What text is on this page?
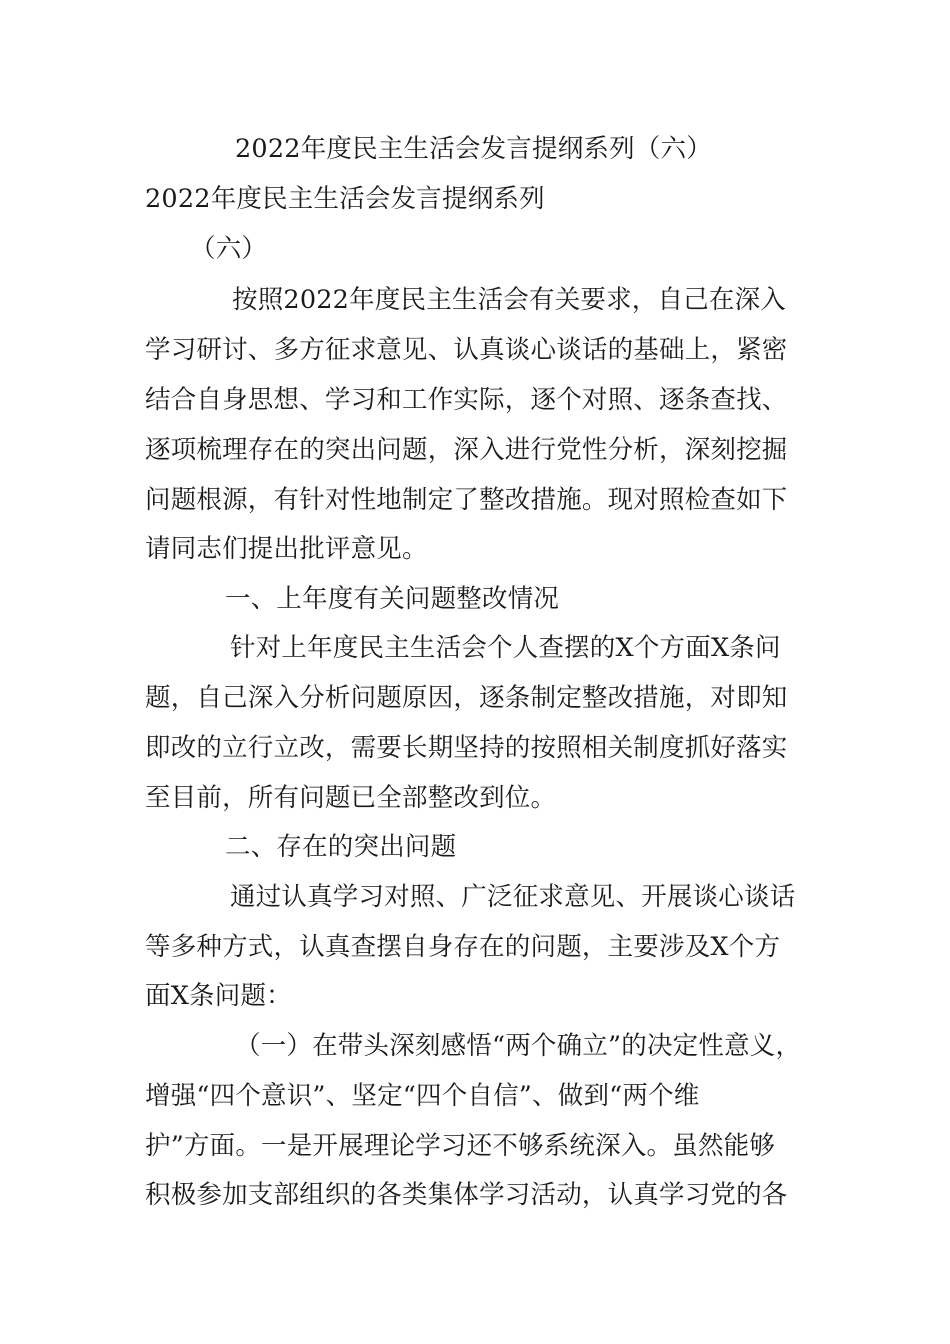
2022年度民主生活会发言提纲系列（六）
2022年度民主生活会发言提纲系列
（六）
按照2022年度民主生活会有关要求，自己在深入
学习研讨、多方征求意见、认真谈心谈话的基础上，紧密
结合自身思想、学习和工作实际，逐个对照、逐条查找、
逐项梳理存在的突出问题，深入进行党性分析，深刻挖掘
问题根源，有针对性地制定了整改措施。现对照检查如下
请同志们提出批评意见。
一、上年度有关问题整改情况
针对上年度民主生活会个人查摆的X个方面X条问
题，自己深入分析问题原因，逐条制定整改措施，对即知
即改的立行立改，需要长期坚持的按照相关制度抓好落实
至目前，所有问题已全部整改到位。
二、存在的突出问题
通过认真学习对照、广泛征求意见、开展谈心谈话
等多种方式，认真查摆自身存在的问题，主要涉及X个方
面X条问题：
（一）在带头深刻感悟“两个确立”的决定性意义，
增强“四个意识”、坚定“四个自信”、做到“两个维
护”方面。一是开展理论学习还不够系统深入。虽然能够
积极参加支部组织的各类集体学习活动，认真学习党的各
